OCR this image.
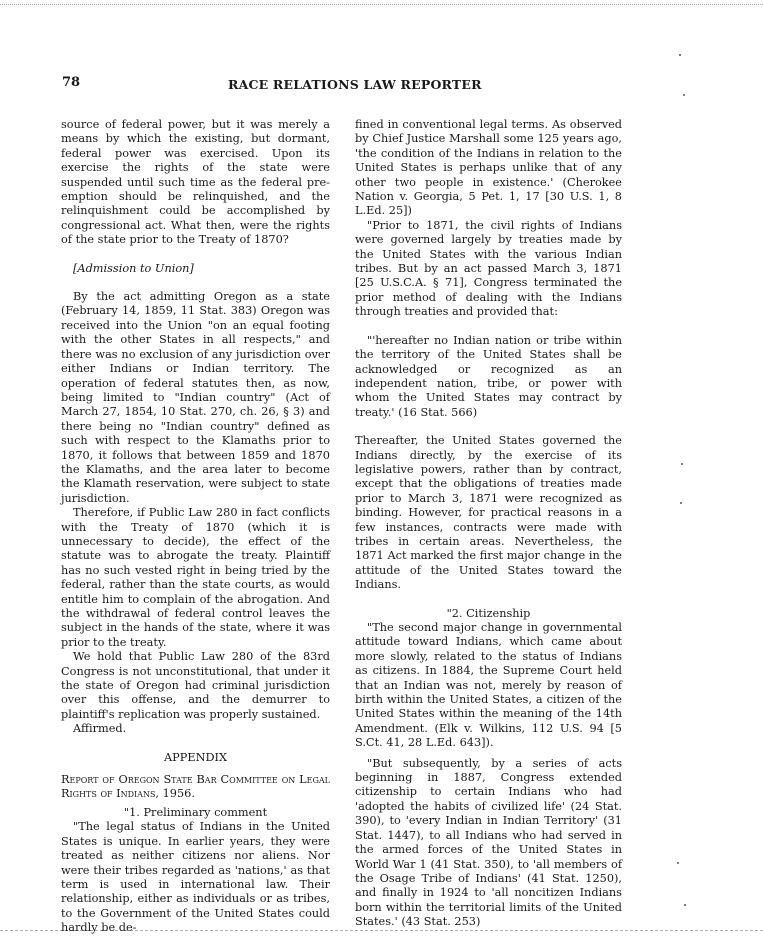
78	RACE RELATIONS LAW REPORTER

source of federal power, but it was merely a means by which the existing, but dormant, federal power was exercised. Upon its exercise the rights of the state were suspended until such time as the federal pre-emption should be relinquished, and the relinquishment could be accomplished by congressional act. What then, were the rights of the state prior to the Treaty of 1870?

[Admission to Union]

By the act admitting Oregon as a state (February 14, 1859, 11 Stat. 383) Oregon was received into the Union "on an equal footing with the other States in all respects," and there was no exclusion of any jurisdiction over either Indians or Indian territory. The operation of federal statutes then, as now, being limited to "Indian country" (Act of March 27, 1854, 10 Stat. 270, ch. 26, § 3) and there being no "Indian country" defined as such with respect to the Klamaths prior to 1870, it follows that between 1859 and 1870 the Klamaths, and the area later to become the Klamath reservation, were subject to state jurisdiction.

Therefore, if Public Law 280 in fact conflicts with the Treaty of 1870 (which it is unnecessary to decide), the effect of the statute was to abrogate the treaty. Plaintiff has no such vested right in being tried by the federal, rather than the state courts, as would entitle him to complain of the abrogation. And the withdrawal of federal control leaves the subject in the hands of the state, where it was prior to the treaty.

We hold that Public Law 280 of the 83rd Congress is not unconstitutional, that under it the state of Oregon had criminal jurisdiction over this offense, and the demurrer to plaintiff's replication was properly sustained.

Affirmed.

APPENDIX

Report of Oregon State Bar Committee on Legal Rights of Indians, 1956.

"1. Preliminary comment

"The legal status of Indians in the United States is unique. In earlier years, they were treated as neither citizens nor aliens. Nor were their tribes regarded as 'nations,' as that term is used in international law. Their relationship, either as individuals or as tribes, to the Government of the United States could hardly be de-

fined in conventional legal terms. As observed by Chief Justice Marshall some 125 years ago, 'the condition of the Indians in relation to the United States is perhaps unlike that of any other two people in existence.' (Cherokee Nation v. Georgia, 5 Pet. 1, 17 [30 U.S. 1, 8 L.Ed. 25])

"Prior to 1871, the civil rights of Indians were governed largely by treaties made by the United States with the various Indian tribes. But by an act passed March 3, 1871 [25 U.S.C.A. § 71], Congress terminated the prior method of dealing with the Indians through treaties and provided that:

"'hereafter no Indian nation or tribe within the territory of the United States shall be acknowledged or recognized as an independent nation, tribe, or power with whom the United States may contract by treaty.' (16 Stat. 566)

Thereafter, the United States governed the Indians directly, by the exercise of its legislative powers, rather than by contract, except that the obligations of treaties made prior to March 3, 1871 were recognized as binding. However, for practical reasons in a few instances, contracts were made with tribes in certain areas. Nevertheless, the 1871 Act marked the first major change in the attitude of the United States toward the Indians.

"2. Citizenship

"The second major change in governmental attitude toward Indians, which came about more slowly, related to the status of Indians as citizens. In 1884, the Supreme Court held that an Indian was not, merely by reason of birth within the United States, a citizen of the United States within the meaning of the 14th Amendment. (Elk v. Wilkins, 112 U.S. 94 [5 S.Ct. 41, 28 L.Ed. 643]).

"But subsequently, by a series of acts beginning in 1887, Congress extended citizenship to certain Indians who had 'adopted the habits of civilized life' (24 Stat. 390), to 'every Indian in Indian Territory' (31 Stat. 1447), to all Indians who had served in the armed forces of the United States in World War 1 (41 Stat. 350), to 'all members of the Osage Tribe of Indians' (41 Stat. 1250), and finally in 1924 to 'all noncitizen Indians born within the territorial limits of the United States.' (43 Stat. 253)
